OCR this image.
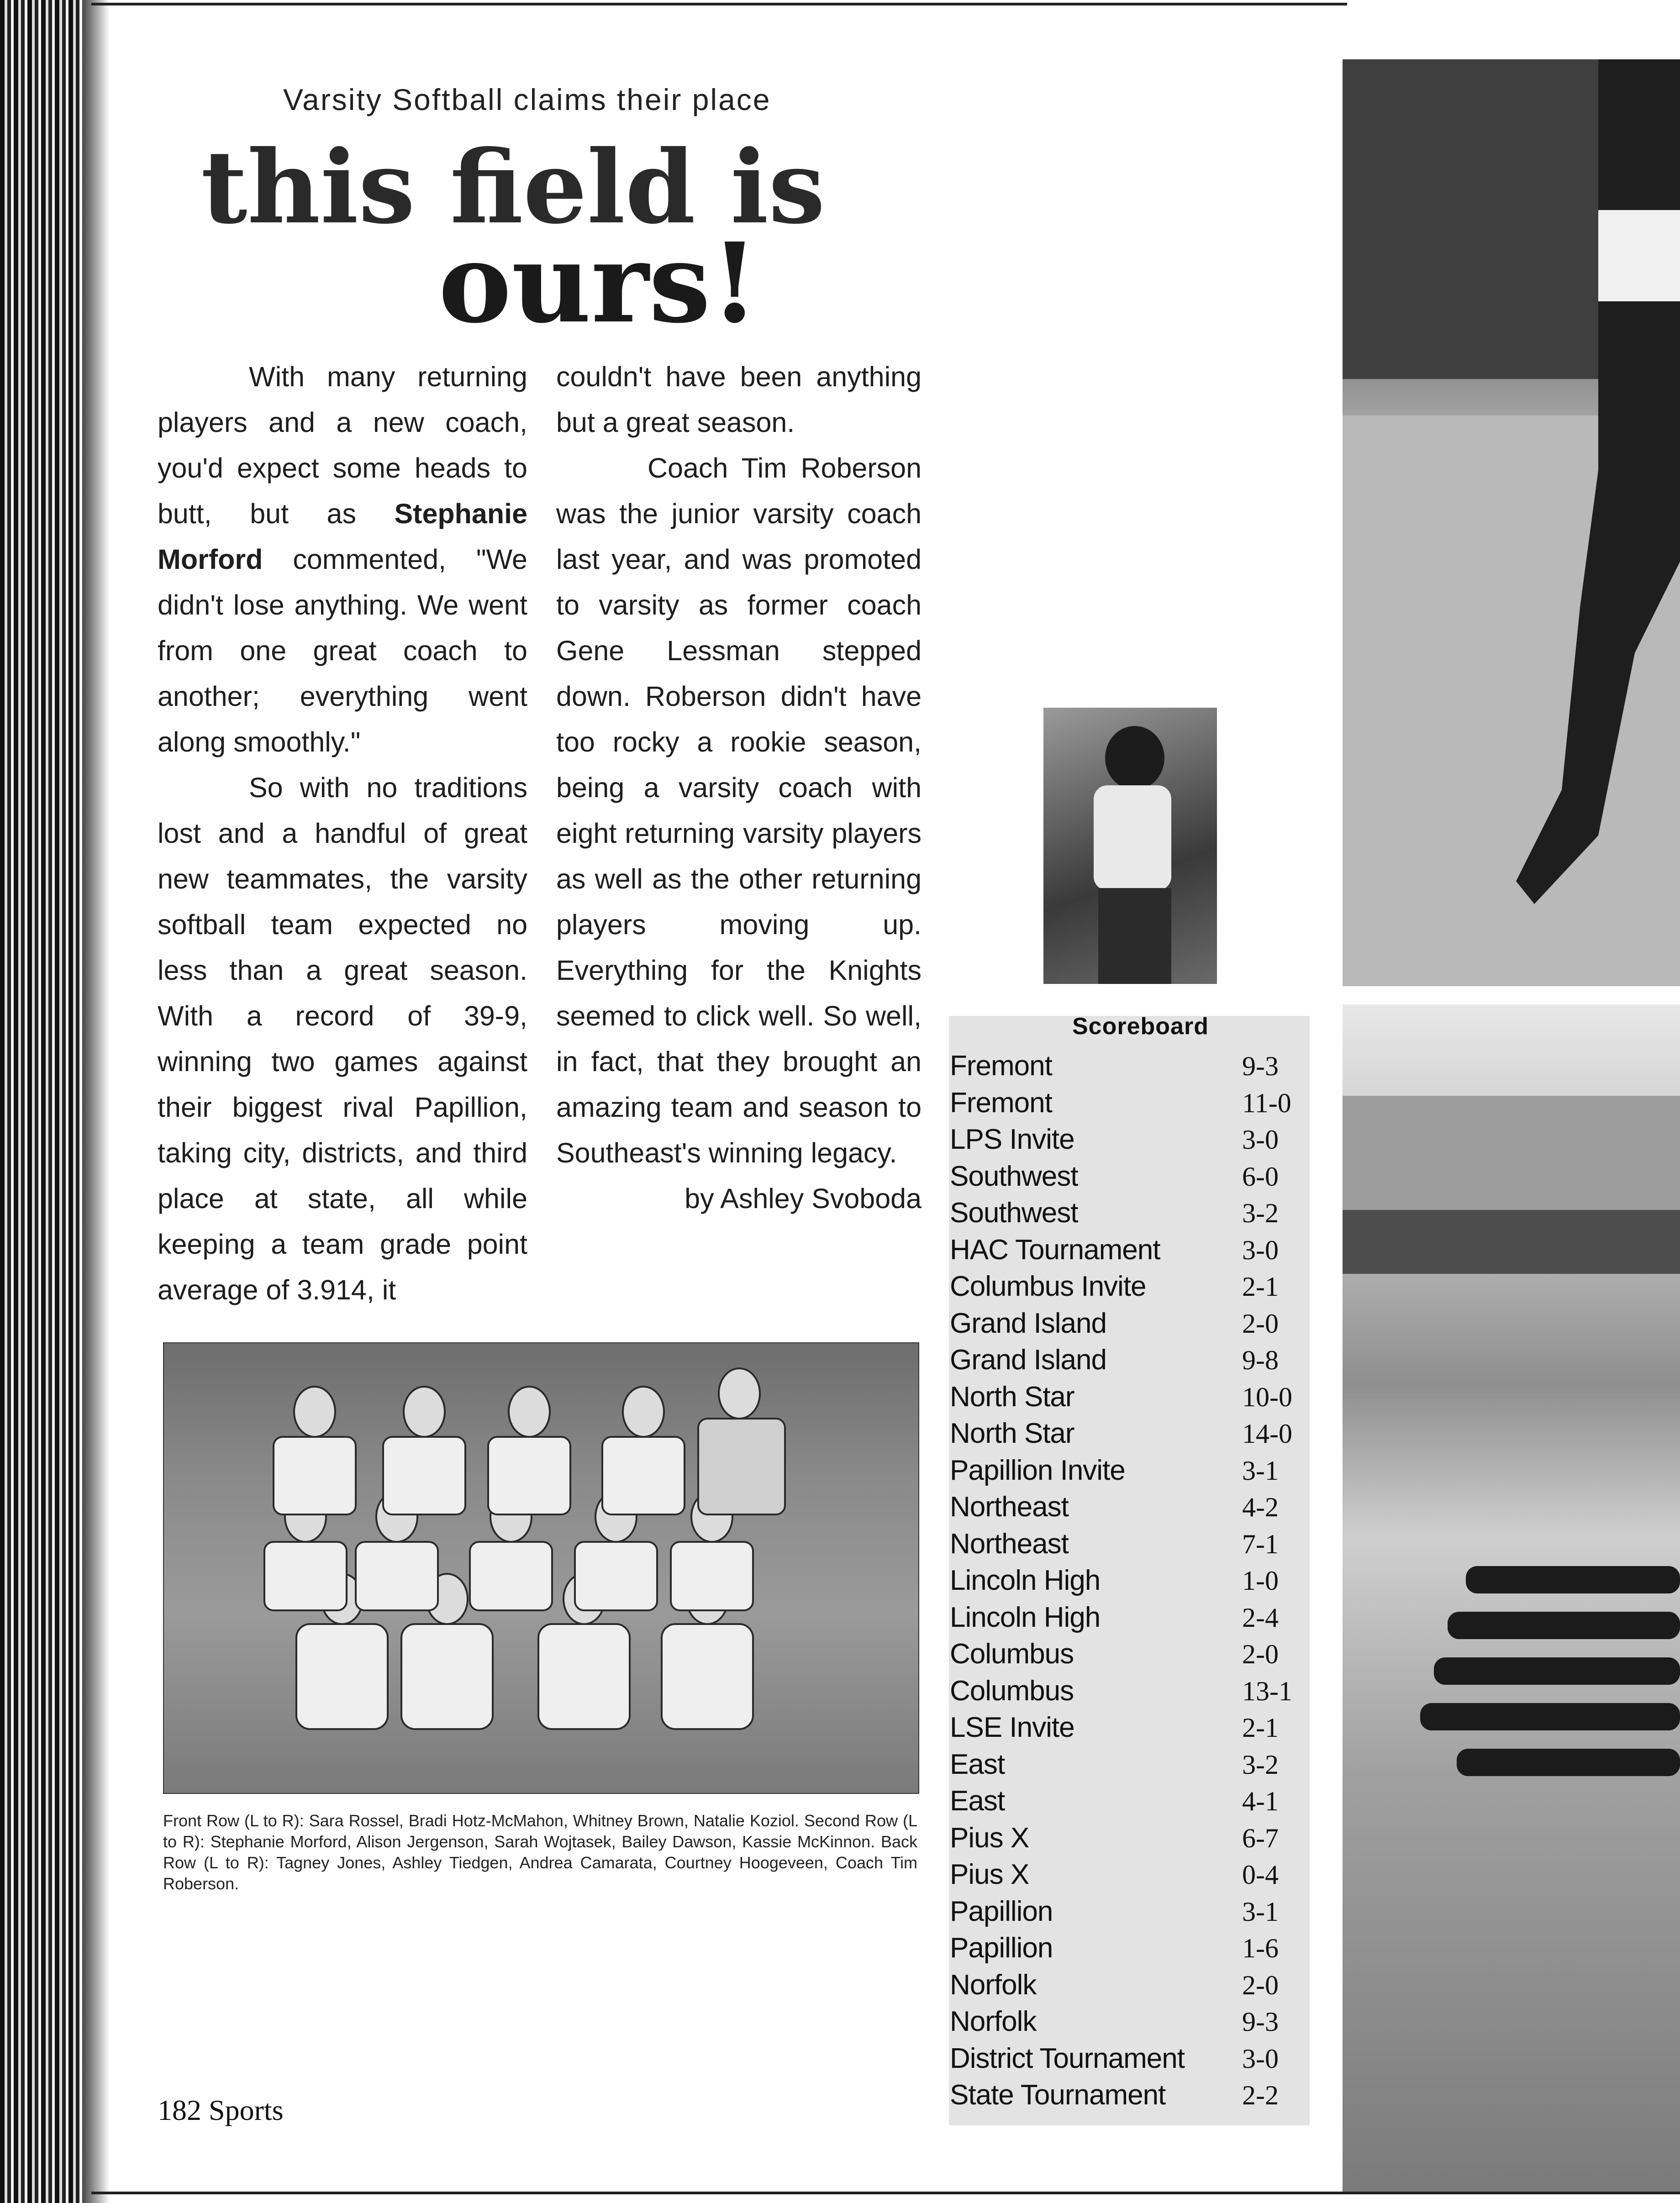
Varsity Softball claims their place
this field is
ours!

With many returning players and a new coach, you'd expect some heads to butt, but as Stephanie Morford commented, "We didn't lose anything. We went from one great coach to another; everything went along smoothly."

So with no traditions lost and a handful of great new teammates, the varsity softball team expected no less than a great season. With a record of 39-9, winning two games against their biggest rival Papillion, taking city, districts, and third place at state, all while keeping a team grade point average of 3.914, it

couldn't have been anything but a great season.

Coach Tim Roberson was the junior varsity coach last year, and was promoted to varsity as former coach Gene Lessman stepped down. Roberson didn't have too rocky a rookie season, being a varsity coach with eight returning varsity players as well as the other returning players moving up. Everything for the Knights seemed to click well. So well, in fact, that they brought an amazing team and season to Southeast's winning legacy.

by Ashley Svoboda

Front Row (L to R): Sara Rossel, Bradi Hotz-McMahon, Whitney Brown, Natalie Koziol. Second Row (L to R): Stephanie Morford, Alison Jergenson, Sarah Wojtasek, Bailey Dawson, Kassie McKinnon. Back Row (L to R): Tagney Jones, Ashley Tiedgen, Andrea Camarata, Courtney Hoogeveen, Coach Tim Roberson.
Scoreboard
Fremont	9-3
Fremont	11-0
LPS Invite	3-0
Southwest	6-0
Southwest	3-2
HAC Tournament	3-0
Columbus Invite	2-1
Grand Island	2-0
Grand Island	9-8
North Star	10-0
North Star	14-0
Papillion Invite	3-1
Northeast	4-2
Northeast	7-1
Lincoln High	1-0
Lincoln High	2-4
Columbus	2-0
Columbus	13-1
LSE Invite	2-1
East	3-2
East	4-1
Pius X	6-7
Pius X	0-4
Papillion	3-1
Papillion	1-6
Norfolk	2-0
Norfolk	9-3
District Tournament 3-0
State Tournament	2-2
182 Sports
